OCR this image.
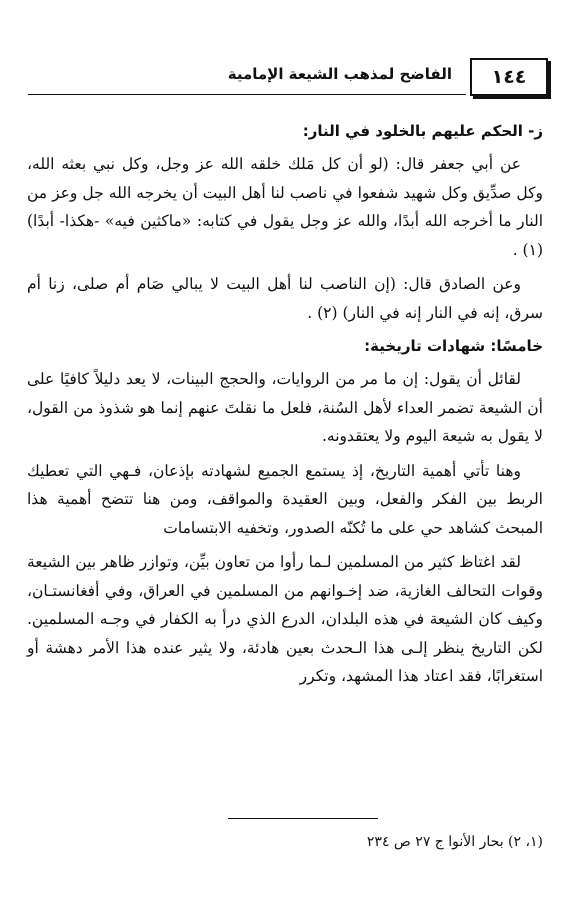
١٤٤
الفاضح لمذهب الشيعة الإمامية
ز- الحكم عليهم بالخلود في النار:

عن أبي جعفر قال: (لو أن كل مَلك خلقه الله عز وجل، وكل نبي بعثه الله، وكل صدِّيق وكل شهيد شفعوا في ناصب لنا أهل البيت أن يخرجه الله جل وعز من النار ما أخرجه الله أبدًا، والله عز وجل يقول في كتابه: «ماكثين فيه» -هكذا- أبدًا) (١) .

وعن الصادق قال: (إن الناصب لنا أهل البيت لا يبالي صَام أم صلى، زنا أم سرق، إنه في النار إنه في النار) (٢) .

خامسًا: شهادات تاريخية:

لقائل أن يقول: إن ما مر من الروايات، والحجج البينات، لا يعد دليلاً كافيًا على أن الشيعة تضمر العداء لأهل السُنة، فلعل ما نقلتَ عنهم إنما هو شذوذ من القول، لا يقول به شيعة اليوم ولا يعتقدونه.

وهنا تأتي أهمية التاريخ، إذ يستمع الجميع لشهادته بإذعان، فـهي التي تعطيك الربط بين الفكر والفعل، وبين العقيدة والمواقف، ومن هنا تتضح أهمية هذا المبحث كشاهد حي على ما تُكنّه الصدور، وتخفيه الابتسامات

لقد اغتاظ كثير من المسلمين لـما رأوا من تعاون بيِّن، وتوازر ظاهر بين الشيعة وقوات التحالف الغازية، ضد إخـوانهم من المسلمين في العراق، وفي أفغانستـان، وكيف كان الشيعة في هذه البلدان، الدرع الذي درأ به الكفار في وجـه المسلمين. لكن التاريخ ينظر إلـى هذا الـحدث بعين هادئة، ولا يثير عنده هذا الأمر دهشة أو استغرابًا، فقد اعتاد هذا المشهد، وتكرر

(١، ٢) بحار الأنوا ج ٢٧ ص ٢٣٤
